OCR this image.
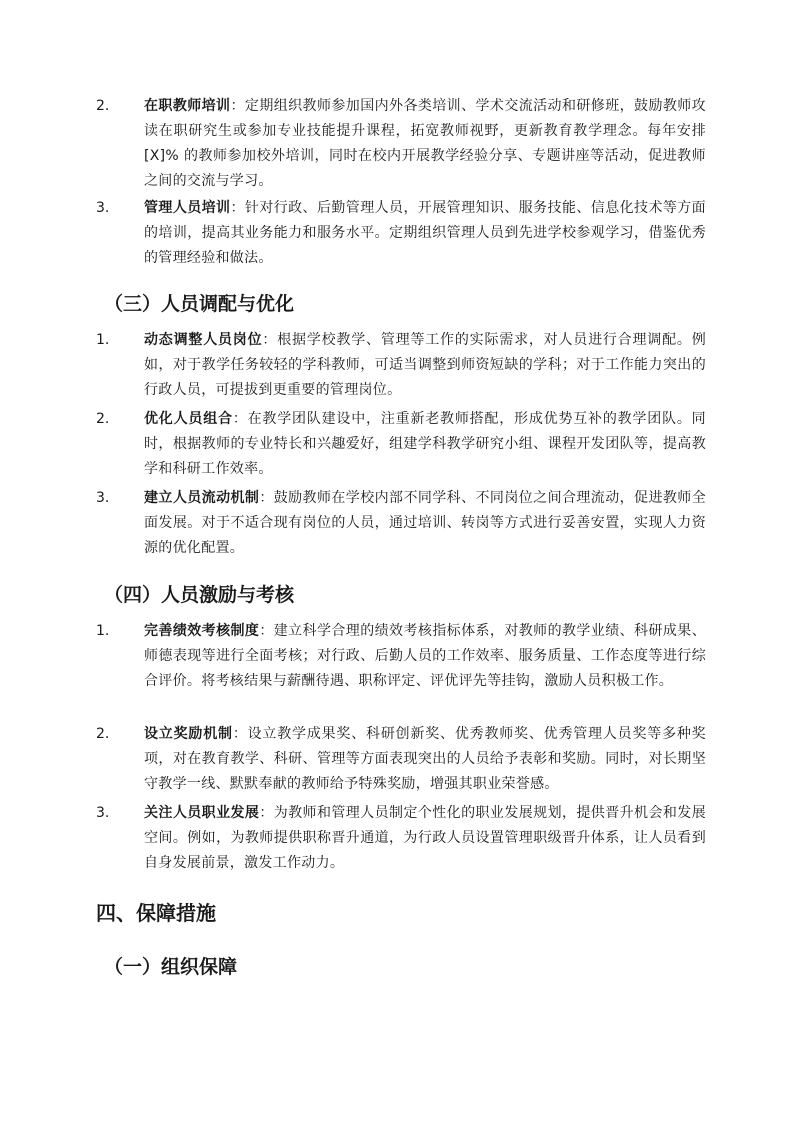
2. 在职教师培训：定期组织教师参加国内外各类培训、学术交流活动和研修班，鼓励教师攻读在职研究生或参加专业技能提升课程，拓宽教师视野，更新教育教学理念。每年安排 [X]% 的教师参加校外培训，同时在校内开展教学经验分享、专题讲座等活动，促进教师之间的交流与学习。
3. 管理人员培训：针对行政、后勤管理人员，开展管理知识、服务技能、信息化技术等方面的培训，提高其业务能力和服务水平。定期组织管理人员到先进学校参观学习，借鉴优秀的管理经验和做法。
（三）人员调配与优化
1. 动态调整人员岗位：根据学校教学、管理等工作的实际需求，对人员进行合理调配。例如，对于教学任务较轻的学科教师，可适当调整到师资短缺的学科；对于工作能力突出的行政人员，可提拔到更重要的管理岗位。
2. 优化人员组合：在教学团队建设中，注重新老教师搭配，形成优势互补的教学团队。同时，根据教师的专业特长和兴趣爱好，组建学科教学研究小组、课程开发团队等，提高教学和科研工作效率。
3. 建立人员流动机制：鼓励教师在学校内部不同学科、不同岗位之间合理流动，促进教师全面发展。对于不适合现有岗位的人员，通过培训、转岗等方式进行妥善安置，实现人力资源的优化配置。
（四）人员激励与考核
1. 完善绩效考核制度：建立科学合理的绩效考核指标体系，对教师的教学业绩、科研成果、师德表现等进行全面考核；对行政、后勤人员的工作效率、服务质量、工作态度等进行综合评价。将考核结果与薪酬待遇、职称评定、评优评先等挂钩，激励人员积极工作。
2. 设立奖励机制：设立教学成果奖、科研创新奖、优秀教师奖、优秀管理人员奖等多种奖项，对在教育教学、科研、管理等方面表现突出的人员给予表彰和奖励。同时，对长期坚守教学一线、默默奉献的教师给予特殊奖励，增强其职业荣誉感。
3. 关注人员职业发展：为教师和管理人员制定个性化的职业发展规划，提供晋升机会和发展空间。例如，为教师提供职称晋升通道，为行政人员设置管理职级晋升体系，让人员看到自身发展前景，激发工作动力。
四、保障措施
（一）组织保障
